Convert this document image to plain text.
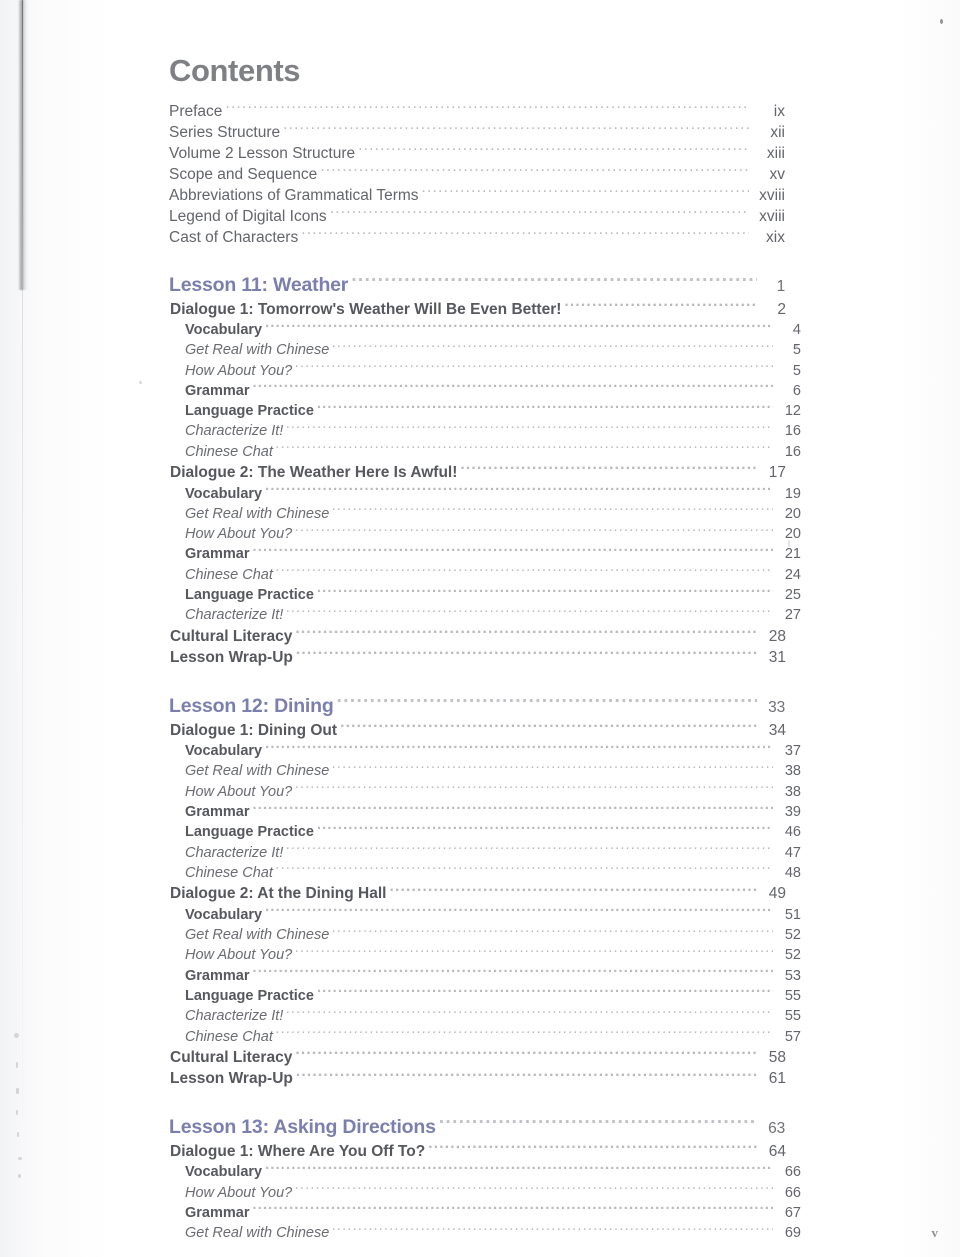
Contents
Preface .....	ix
Series Structure .....	xii
Volume 2 Lesson Structure .....	xiii
Scope and Sequence .....	xv
Abbreviations of Grammatical Terms .....	xviii
Legend of Digital Icons .....	xviii
Cast of Characters .....	xix
Lesson 11: Weather .....	1
Dialogue 1: Tomorrow's Weather Will Be Even Better! .....	2
Vocabulary .....	4
Get Real with Chinese .....	5
How About You? .....	5
Grammar .....	6
Language Practice .....	12
Characterize It! .....	16
Chinese Chat .....	16
Dialogue 2: The Weather Here Is Awful! .....	17
Vocabulary .....	19
Get Real with Chinese .....	20
How About You? .....	20
Grammar .....	21
Chinese Chat .....	24
Language Practice .....	25
Characterize It! .....	27
Cultural Literacy .....	28
Lesson Wrap-Up .....	31
Lesson 12: Dining .....	33
Dialogue 1: Dining Out .....	34
Vocabulary .....	37
Get Real with Chinese .....	38
How About You? .....	38
Grammar .....	39
Language Practice .....	46
Characterize It! .....	47
Chinese Chat .....	48
Dialogue 2: At the Dining Hall .....	49
Vocabulary .....	51
Get Real with Chinese .....	52
How About You? .....	52
Grammar .....	53
Language Practice .....	55
Characterize It! .....	55
Chinese Chat .....	57
Cultural Literacy .....	58
Lesson Wrap-Up .....	61
Lesson 13: Asking Directions .....	63
Dialogue 1: Where Are You Off To? .....	64
Vocabulary .....	66
How About You? .....	66
Grammar .....	67
Get Real with Chinese .....	69	v
